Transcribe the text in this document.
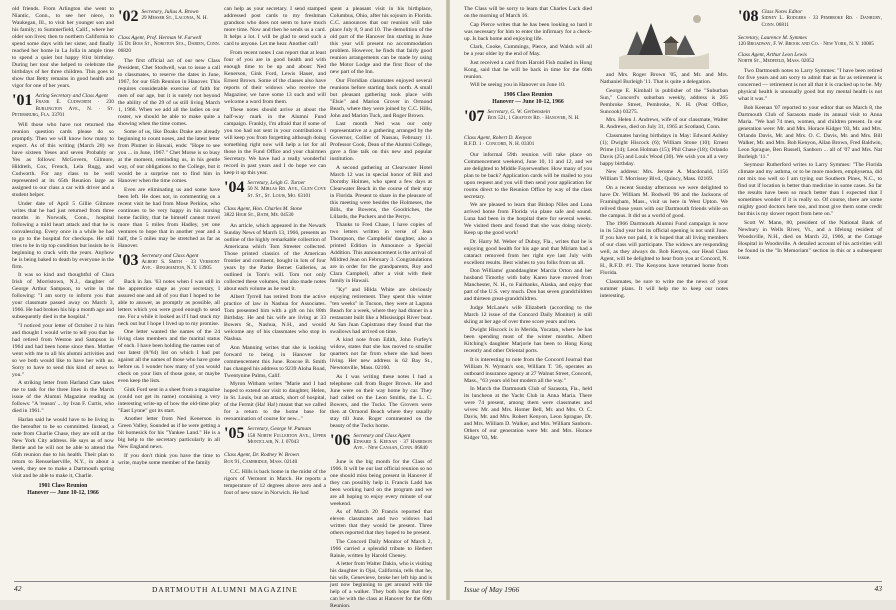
old friends. From Arlington she went to Niantic, Conn., to see her niece, to Waukegan, Ill., to visit her younger son and his family; to Summerfield, Calif., where her older son lives; then to northern California to spend some days with her sister, and finally reached her home in La Jolla in ample time to spend a quiet but happy 81st birthday. During her tour she helped to celebrate the birthdays of her three children. This goes to show that Betty remains in good health and vigor for one of her years.

'01 Acting Secretary and Class Agent
Frank E. Cudworth · 230 Burlington Ave., N. · St. Petersburg, Fla. 33701

Will those who have not returned the reunion question cards please do so promptly. Then we will know how many to expect. As of this writing (March 28) we have sixteen Yeses and seven Probably or Yes as follows: McGovern, Gilmore, Hildreth, Cox, French, Lela Rugg, and Cudworth. For any class to be well represented at its 65th Reunion large as assigned to our class a car with driver and a student helper.

Under date of April 5 Gillie Gilmore writes that he had just returned from three months in Norwalk, Conn., hospital following a mild heart attack and that he is convalescing. Every once in a while he had to go to the hospital for checkups. He still tries to be in tip top condition but insists he is beginning to crack with the years. Anyhow he is being baked to death by everyone in the firm.

It was so kind and thoughtful of Clara Irish of Morristown, N.J., daughter of George Arthur Sampson, to write in the following: "I am sorry to inform you that your classmate passed away on March 3, 1966. He had broken his hip a month ago and subsequently died in the hospital."

"I noticed your letter of October 2 to him and thought I would write to tell you that he had retired from Weston and Sampson in 1964 and had been home since then. Mother went with me to all his alumni activities and so we both would like to have her with us. Sorry to have to send this kind of news to you."

A striking letter from Harland Cate takes me to task for the three lines in the March issue of the Alumni Magazine reading as follows: "A 'reason' ... by Ivan F. Curtis, who died in 1961."

Harlan said he would have to be living in the hereafter to be so committed. Instead, a note from Charlie Chase, they are still at the New York City address. He says as of now Bettie and he will not be able to attend the 65th reunion due to his health. Their plan to return to Rensselaerville, N.Y., in about a week, they see to make a Dartmouth spring visit and be able to make it, Charlie.

1901 Class Reunion
Hanover — June 10-12, 1966
'02 Secretary, Julius A. Brown
29 Messer St., Laconia, N. H.
Class Agent, Prof. Herman W. Farwell
35 Du Bois St., Noroton Sta., Darien, Conn. 06820

The first official act of our new Class President, Chet Stodwell, was to issue a call to classmates, to reserve the dates in June, 1967, for our 65th Reunion in Hanover. This requires considerable exercise of faith for men of our age, but it is surely not beyond the ability of the 29 of us still living March 1, 1966. When we add all the ladies on our roster, we should be able to make quite a showing when the time comes.

Some of us, like Doaks Drake are already beginning to count noses, and the latest letter from Plumer in Hawaii, ends: "Hope to see you ... in June, 1967." Chet Morse is so busy at the moment, reminding us, in his gentle way, of our obligations to the College, but it would be a surprise not to find him in Hanover when the time comes.

Even are eliminating us and some have been left. He does not, in commenting on a recent visit he had from Mose Perkins, who continues to be very happy in his nursing home facility, that he himself cannot travel more than 5 miles from Hadley, yet one ventures to hope that in another year and a half, the 5 miles may be stretched as far as Hanover.

'03 Secretary and Class Agent
Albert S. Smith · 33 Vermont Ave. · Binghamton, N. Y. 13905

Back in Jan. '63 notes when I was still in the apprentice stage as your secretary, I assured one and all of you that I hoped to be able to answer, as promptly as possible, all letters which you were good enough to send me. For a while it looked as if I had stuck my neck out but I hope I lived up to my promise.

One letter wanted the names of the 24 living class members and the marital status of each. I have been holding the names out of our latest (8/'64) list on which I had put against all the names of those who have gone before us. I wonder how many of you would check on your lists of those gone, or maybe even keep the lists.

Gink Ford sent in a sheet from a magazine (could not get its name) containing a very interesting write-up of how the old-time play "East Lynne" got its start.

Another letter from Ned Kenerson in Green Valley, Sounded as if he were getting a bit homesick for his "Yankee Land." He is a big help to the secretary particularly in all New England news.

If you don't think you have the time to write, maybe some member of the family

can help as your secretary. I send stamped addressed post cards to my freshman grandson who does not seem to have much more time. Now and then he sends us a card. It helps a lot. I will be glad to send such a card to anyone. Let me hear. Another call!

From recent notes I can report that at least four of you are in good health and with enough time to be up and about: Ned Kenerson, Gink Ford, Lewis Hauer, and Ernest Brown. Some of the classes also have reports of their widows who receive the Magazine; we have some 13 such and will welcome a word from them.

These notes should arrive at about the half-way mark in the Alumni Fund campaign. Frankly, I'm afraid that if some of you too had not sent in your contributions I will keep you from forgetting although doing something right now will help a lot for all those in the Fund Office and your chairmen Secretary. We have had a really wonderful record in past years and I do hope we can keep it up this year.

'04 Secretary, Leigh G. Turner
50 N. Mirlas Rd. Ave., Glen Cove St. St., St. Louis, Mo. 63101
Class Agent, Hon. Charles M. Stone
3822 High St., Bath, Me. 04530

An article, which appeared in the Newark Sunday News of March 13, 1966, presents an outline of the highly remarkable collection of Americana which Tom Streeter collected. Those printed classics of the American frontier and continent, bought in lots of four years by the Parke Bernet Galleries, as outlined in Tom's will. Tom not only collected these volumes, but also made notes about each volume as he read it.

Albert Tyrrell has retired from the active practice of law in Nashua for Associates. Tom presented him with a gift on his 80th Birthday. He and his wife are living at 33 Bowers St., Nashua, N.H., and would welcome any of his classmates who stop in Nashua.

Ann Manning writes that she is looking forward to being in Hanover for commencement this June. Roscoe B. Smith has changed his address to 9239 Aloha Road, Twentynine Palms, Calif.

Myron Witham writes "Marie and I had hoped to extend our visit to daughter, Helen, in St. Louis, but an attack, short of hospital, of the Fermit (Ha! Ha!) meant that we called for a return to the home base for reexamination of course for new..."

'05 Secretary, George W. Putnam
158 North Fullerton Ave., Upper Montclair, N. J. 07043
Class Agent, Dr. Rodney W. Brown
Box 91, Cambridge, Mass. 02140

C.C. Hills is back home in the midst of the rigors of Vermont in March. He reports a temperature of 12 degrees above zero and a foot of new snow in Norwich. He had

spent a pleasant visit in his birthplace, Columbus, Ohio, after his sojourn in Florida. C.C. announces that our reunion will take place July 8, 9 and 10. The demolition of the old part of the Hanover Inn starting in June this year will present no accommodation problem. However, he finds that fairly good reunion arrangements can be made by using the Motor Lodge and the first floor of the new part of the Inn.

Our Floridian classmates enjoyed several reunions before starting back north. A small but pleasant gathering took place with "Elsie" and Marion Grover in Ormond Beach, where they were joined by C.C. Hills, John and Marion Tuck, and Roger Brown.

Last month Ned was our only representative at a gathering arranged by the Governor, Collier of Nassau, February 11. Professor Cook, Dean of the Alumni College, gave a fine talk on this new and popular institution.

A second gathering at Clearwater Hotel March 12 was in special honor of Bill and Dorothy Holmes, who spent a few days at Clearwater Beach in the course of their stay in Florida. Present to share in the pleasure of this meeting were besides the Holmeses, the Bills, the Bowens, the Goodriches, the Lillards, the Puckers and the Perrys.

Thanks to Fred Chase, I have copies of two letters written in verse of Jean Thompson, the Campbells' daughter, also a printed Edition in Announce a Special Addition. This announcement is the arrival of Mildred Jean on February 3. Congratulations are in order for the grandparents, Roy and Clara Campbell, after a visit with their family in Hawaii.

"Ky" and Hilda White are obviously enjoying retirement. They spent this winter "ten weeks" in Tucson, they were at Laguna Beach for a week, where they had dinner in a restaurant built like a Mississippi River boat. At San Juan Capistrano they found that the swallows had arrived on time.

A kind note from Edith, John Furfey's widow, states that she has moved to smaller quarters not far from where she had been living. Her new address is 62 Bay St., Newtonville, Mass. 02160.

As I was writing these notes I had a telephone call from Roger Brown. He and June were on their way home by car. They had called on the Leon Smiths, the L. C. Bowers, and the Tucks. The Grovers were then at Ormond Beach where they usually stay till June. Roger commented on the beauty of the Tucks home.

'06 Secretary and Class Agent
Edward S. Keenan · 37 Harrison Ave. · New Canaan, Conn. 06840

June is the big month for the Class of 1906. It will be our last official reunion so no one should miss being present in Hanover if they can possibly help it. Francis Ladd has been working hard on the program and we are all hoping to enjoy every minute of our weekend.

As of March 20 Francis reported that eleven classmates and two widows had written that they would be present. Three others reported that they hoped to be present.

The Concord Daily Monitor of March 2, 1966 carried a splendid tribute to Herbert Rainie, written by Harold Cheney.

A letter from Walter Dakin, who is visiting his daughter in Ojai, California, tells that he, his wife, Genevieve, broke her left hip and is just now beginning to get around with the help of a walker. They both hope that they can be with the class at Hanover for the 60th Reunion.

42	DARTMOUTH ALUMNI MAGAZINE

The Class will be sorry to learn that Charles Luck died on the morning of March 16.

Cap Pierce writes that he has been looking so hard it was necessary for him to enter the infirmary for a check-up. Is back home and enjoying life.

Clark, Cooke, Cummings, Pierce, and Walsh will all be a year older by the end of May.

Just received a card from Harold Fish mailed in Hong Kong, said that he will be back in time for the 60th reunion.

Will be seeing you in Hanover on June 10.

1906 Class Reunion
Hanover — June 10-12, 1966
'07 Secretary, G. W. Gerbenstein
Box 521, 1 Grafton Rd. · Hanover, N. H.
Class Agent, Robert D. Kenyon
R.F.D. 1 · Concord, N. H. 03301

Our informal 59th reunion will take place on Commencement weekend, June 10, 11 and 12, and we are delighted to Middle Fayerweather. How many of you plan to be back? Application cards will be mailed to you upon request and you will then send your application for rooms direct to the Reunion Office by way of the class secretary.

We are pleased to learn that Bishop Niles and Luna arrived home from Florida via plane safe and sound. Luna had been in the hospital there for several weeks. We visited them and found that she was doing nicely. Keep up the good work!

Dr. Harry M. Weber of Dubuy, Fla., writes that he is enjoying good health for his age and that Miriam had a cataract removed from her right eye last July with excellent results. Best wishes to you folks from us all.

Don Williams' granddaughter Marcia Orton and her husband Timothy with baby Karen have moved from Manchester, N. H., to Fairbanks, Alaska, and enjoy that part of the U.S. very much. Don has seven grandchildren and thirteen great-grandchildren.

Judge McLane's wife Elizabeth (according to the March 12 issue of the Concord Daily Monitor) is still skiing at her age of over three score years and ten.

Dwight Hiscock is in Merida, Yucatan, where he has been spending most of the winter months. Albert Kitching's daughter Marjorie has been to Hong Kong recently and other Oriental ports.

It is interesting to note from the Concord Journal that William N. Wyman's son, William T. '36, operates an outboard insurance agency at 27 Walnut Street, Concord, Mass., "63 years old but modern all the way."

In March the Dartmouth Club of Sarasota, Fla., held its luncheon at the Yacht Club in Anna Maria. There were 74 present, among them were classmates and wives: Mr. and Mrs. Homer Bell, Mr. and Mrs. O. C. Davis, Mr. and Mrs. Robert Kenyon, Leon Sprague, Dr. and Mrs. William D. Walker, and Mrs. William Sanborn. Others of our generation were Mr. and Mrs. Horace Kidger '03, Mr.

and Mrs. Roger Brown '05, and Mr. and Mrs. Nathaniel Burleigh '11. That is quite a delegation.

George E. Kimball is publisher of the "Suburban Sun," Concord's suburban weekly, address is 265 Pembroke Street, Pembroke, N. H. (Post Office, Suncook) 03275.

Mrs. Helen J. Andrews, wife of our classmate, Walter R. Andrews, died on July 31, 1965 at Scotland, Conn.

Classmates having birthdays in May: Edward Ashley (1); Dwight Hiscock (6); William Stone (10); Ernest Prime (14); Leon Holman (15); Phil Chase (18); Orlando Davis (25) and Louis Wood (30). We wish you all a very happy birthday.

New address: Mrs. Jerome A. Macdonald, 1156 William T. Morrissey Blvd., Quincy, Mass. 02169.

On a recent Sunday afternoon we were delighted to have Dr. William M. Bodwell '06 and the Jacksons of Framingham, Mass., visit us here in West Upton. We relived those years with our Dartmouth friends while on the campus. It did us a world of good.

The 1966 Dartmouth Alumni Fund campaign is now in its 52nd year but its official opening is not until June. If you have not paid, it is hoped that all living members of our class will participate. The widows are responding well, as they always do. Bob Kenyon, our Head Class Agent, will be delighted to hear from you at Concord, N. H., R.F.D. #1. The Kenyons have returned home from Florida.

Classmates, be sure to write me the news of your summer plans. It will help me to keep our notes interesting.

'08 Class Notes Editor
Sidney L. Rodgers · 33 Pembroke Rd. · Danbury, Conn. 06811
Secretary, Laurence M. Symmes
120 Broadway, F. W. Brook and Co. · New York, N. Y. 10005
Class Agent, Arthur Leon Lewis
North St., Medfield, Mass. 02052

Two Dartmouth notes to Larry Symmes: "I have been retired for five years and am sorry to admit that as far as retirement is concerned — retirement is not all that it is cracked up to be. My physical health is unusually good but my mental health is not what it was."

Bob Keenan '07 reported to your editor that on March 8, the Dartmouth Club of Sarasota made its annual visit to Anna Maria. "We had 74 men, women, and children present. In our generation were: Mr. and Mrs. Horace Kidger '03, Mr. and Mrs. Orlando Davis, Mr. and Mrs. O. C. Davis, Mr. and Mrs. Bill Walker, Mr. and Mrs. Bob Kenyon, Allan Brown, Fred Baldwin, Leon Sprague, Ben Russell, Sanborn ... all of '07 and Mrs. Nat Burleigh '11."

Seymour Rutherford writes to Larry Symmes: "The Florida climate and my asthma, or to be more modern, emphysema, did not mix too well so I am trying out Southern Pines, N.C., to find out if location is better than medicine in some cases. So far the results have been so much better than I expected that I sometimes wonder if it is really so. Of course, there are some mighty good doctors here too, and most give them some credit but this is my slower report from here on."

Scott W. Mann, 80, president of the National Bank of Newbury in Wells River, Vt., and a lifelong resident of Woodsville, N.H., died on March 22, 1966, at the Cottage Hospital in Woodsville. A detailed account of his activities will be found in the "In Memoriam" section in this or a subsequent issue.

Issue of May 1966	43
